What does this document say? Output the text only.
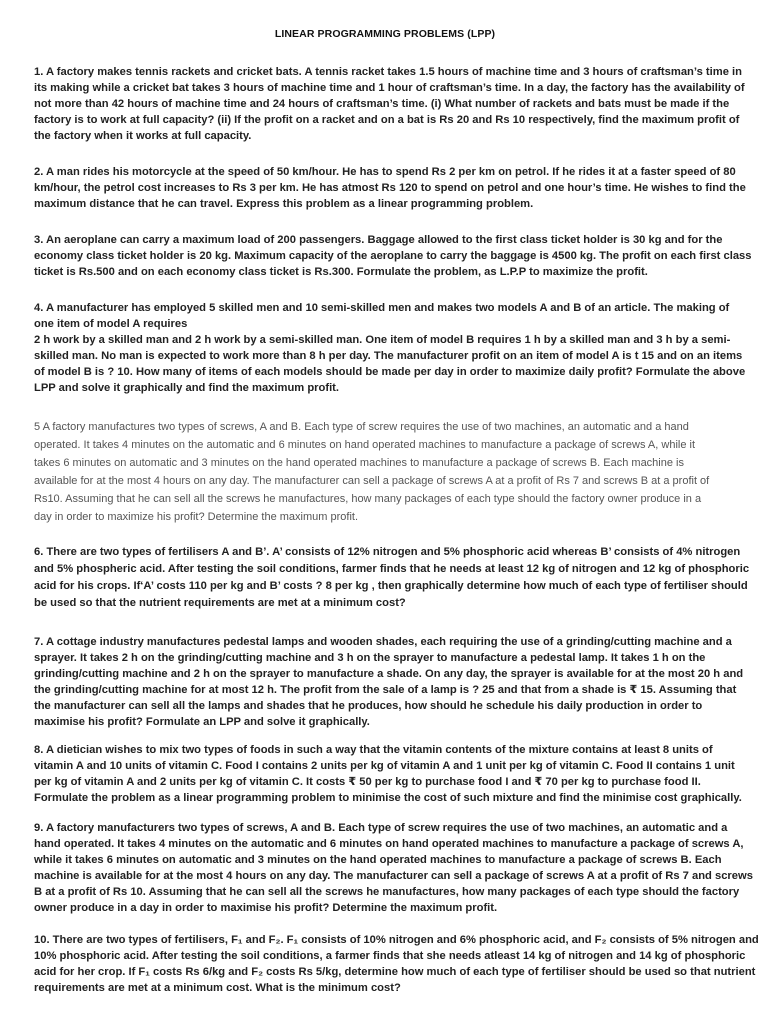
LINEAR PROGRAMMING PROBLEMS (LPP)
1. A factory makes tennis rackets and cricket bats. A tennis racket takes 1.5 hours of machine time and 3 hours of craftsman’s time in
its making while a cricket bat takes 3 hours of machine time and 1 hour of craftsman’s time. In a day, the factory has the availability of
not more than 42 hours of machine time and 24 hours of craftsman’s time. (i) What number of rackets and bats must be made if the
factory is to work at full capacity? (ii) If the profit on a racket and on a bat is Rs 20 and Rs 10 respectively, find the maximum profit of
the factory when it works at full capacity.
2. A man rides his motorcycle at the speed of 50 km/hour. He has to spend Rs 2 per km on petrol. If he rides it at a faster speed of 80
km/hour, the petrol cost increases to Rs 3 per km. He has atmost Rs 120 to spend on petrol and one hour’s time. He wishes to find the
maximum distance that he can travel. Express this problem as a linear programming problem.
3. An aeroplane can carry a maximum load of 200 passengers. Baggage allowed to the first class ticket holder is 30 kg and for the
economy class ticket holder is 20 kg. Maximum capacity of the aeroplane to carry the baggage is 4500 kg. The profit on each first class
ticket is Rs.500 and on each economy class ticket is Rs.300. Formulate the problem, as L.P.P to maximize the profit.
4. A manufacturer has employed 5 skilled men and 10 semi-skilled men and makes two models A and B of an article. The making of
one item of model A requires
2 h work by a skilled man and 2 h work by a semi-skilled man. One item of model B requires 1 h by a skilled man and 3 h by a semi-
skilled man. No man is expected to work more than 8 h per day. The manufacturer profit on an item of model A is t 15 and on an items
of model B is ? 10. How many of items of each models should be made per day in order to maximize daily profit? Formulate the above
LPP and solve it graphically and find the maximum profit.
5 A factory manufactures two types of screws, A and B. Each type of screw requires the use of two machines, an automatic and a hand
operated. It takes 4 minutes on the automatic and 6 minutes on hand operated machines to manufacture a package of screws A, while it
takes 6 minutes on automatic and 3 minutes on the hand operated machines to manufacture a package of screws B. Each machine is
available for at the most 4 hours on any day. The manufacturer can sell a package of screws A at a profit of Rs 7 and screws B at a profit of
Rs10. Assuming that he can sell all the screws he manufactures, how many packages of each type should the factory owner produce in a
day in order to maximize his profit? Determine the maximum profit.
6. There are two types of fertilisers A and B’. A’ consists of 12% nitrogen and 5% phosphoric acid whereas B’ consists of 4% nitrogen
and 5% phospheric acid. After testing the soil conditions, farmer finds that he needs at least 12 kg of nitrogen and 12 kg of phosphoric
acid for his crops. If‘A’ costs 110 per kg and B’ costs ? 8 per kg , then graphically determine how much of each type of fertiliser should
be used so that the nutrient requirements are met at a minimum cost?
7. A cottage industry manufactures pedestal lamps and wooden shades, each requiring the use of a grinding/cutting machine and a
sprayer. It takes 2 h on the grinding/cutting machine and 3 h on the sprayer to manufacture a pedestal lamp. It takes 1 h on the
grinding/cutting machine and 2 h on the sprayer to manufacture a shade. On any day, the sprayer is available for at the most 20 h and
the grinding/cutting machine for at most 12 h. The profit from the sale of a lamp is ? 25 and that from a shade is ₹ 15. Assuming that
the manufacturer can sell all the lamps and shades that he produces, how should he schedule his daily production in order to
maximise his profit? Formulate an LPP and solve it graphically.
8. A dietician wishes to mix two types of foods in such a way that the vitamin contents of the mixture contains at least 8 units of
vitamin A and 10 units of vitamin C. Food I contains 2 units per kg of vitamin A and 1 unit per kg of vitamin C. Food II contains 1 unit
per kg of vitamin A and 2 units per kg of vitamin C. It costs ₹ 50 per kg to purchase food I and ₹ 70 per kg to purchase food II.
Formulate the problem as a linear programming problem to minimise the cost of such mixture and find the minimise cost graphically.
9. A factory manufacturers two types of screws, A and B. Each type of screw requires the use of two machines, an automatic and a
hand operated. It takes 4 minutes on the automatic and 6 minutes on hand operated machines to manufacture a package of screws A,
while it takes 6 minutes on automatic and 3 minutes on the hand operated machines to manufacture a package of screws B. Each
machine is available for at the most 4 hours on any day. The manufacturer can sell a package of screws A at a profit of Rs 7 and screws
B at a profit of Rs 10. Assuming that he can sell all the screws he manufactures, how many packages of each type should the factory
owner produce in a day in order to maximise his profit? Determine the maximum profit.
10. There are two types of fertilisers, F₁ and F₂. F₁ consists of 10% nitrogen and 6% phosphoric acid, and F₂ consists of 5% nitrogen and
10% phosphoric acid. After testing the soil conditions, a farmer finds that she needs atleast 14 kg of nitrogen and 14 kg of phosphoric
acid for her crop. If F₁ costs Rs 6/kg and F₂ costs Rs 5/kg, determine how much of each type of fertiliser should be used so that nutrient
requirements are met at a minimum cost. What is the minimum cost?
